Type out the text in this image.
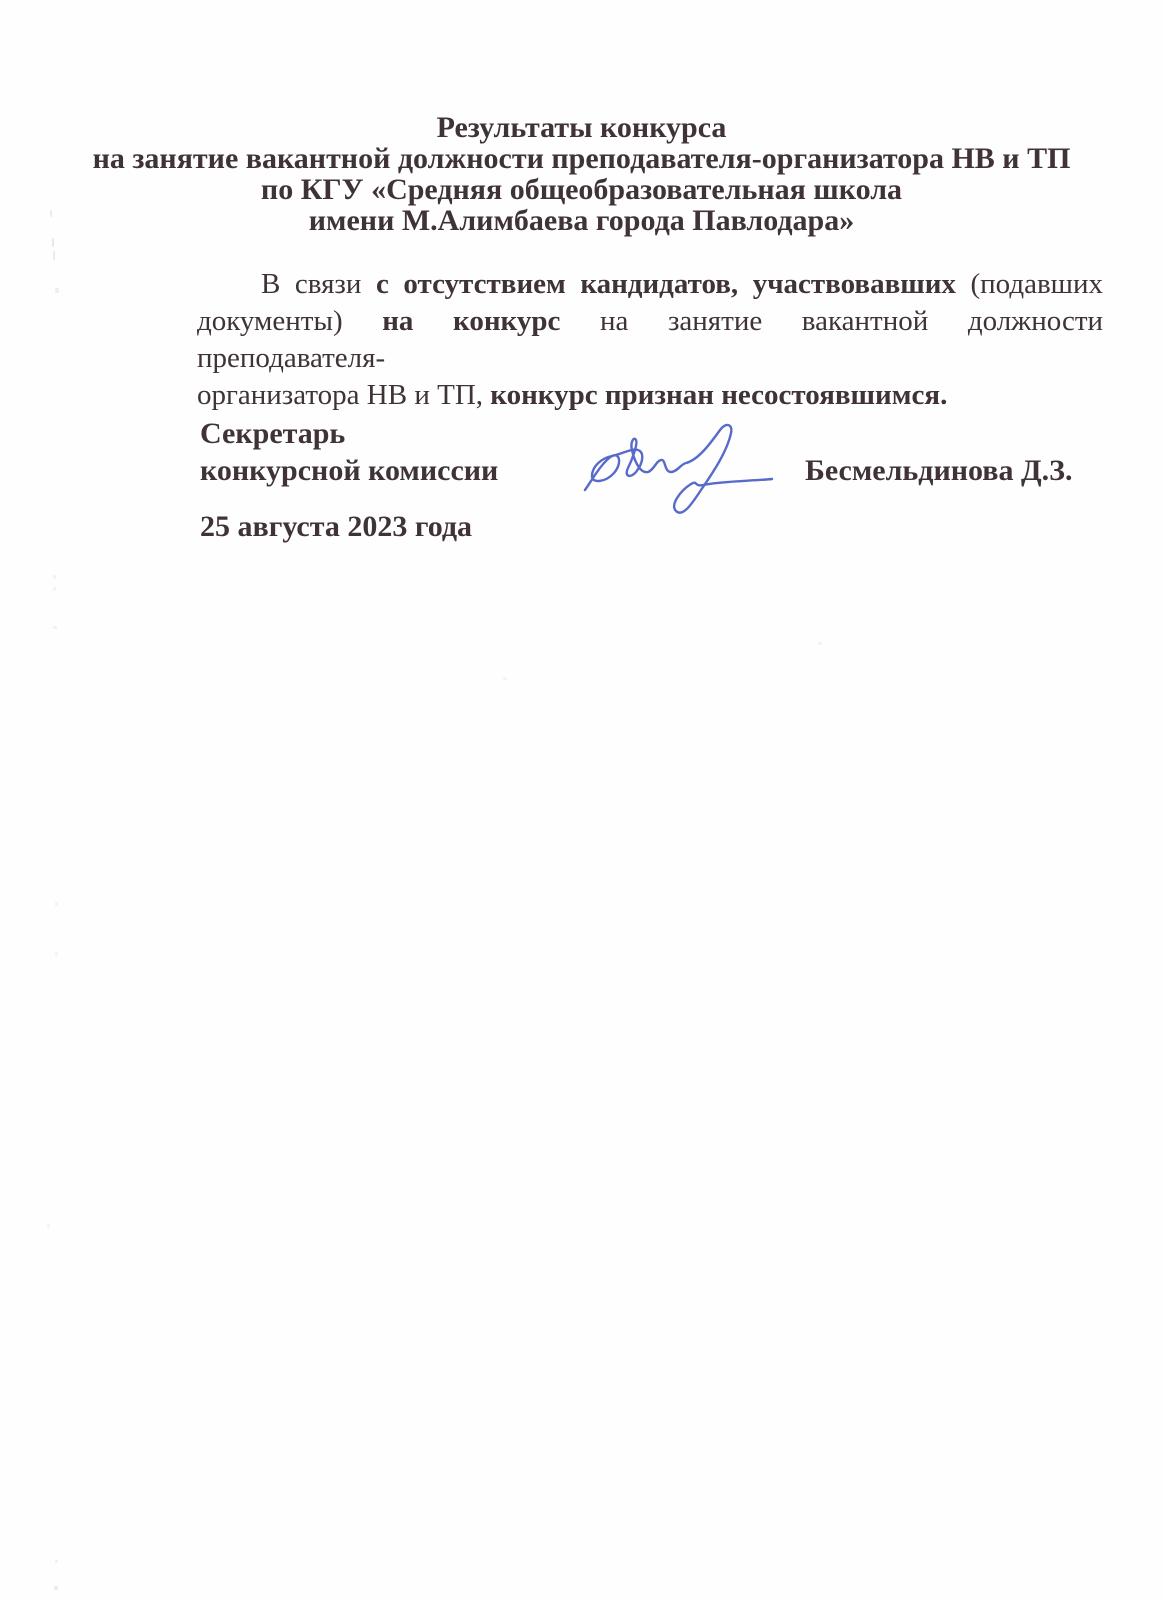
Результаты конкурса
на занятие вакантной должности преподавателя-организатора НВ и ТП
по КГУ «Средняя общеобразовательная школа
имени М.Алимбаева города Павлодара»
В связи с отсутствием кандидатов, участвовавших (подавших
документы) на конкурс на занятие вакантной должности преподавателя-
организатора НВ и ТП, конкурс признан несостоявшимся.
Секретарь
конкурсной комиссии	Бесмельдинова Д.З.
25 августа 2023 года
